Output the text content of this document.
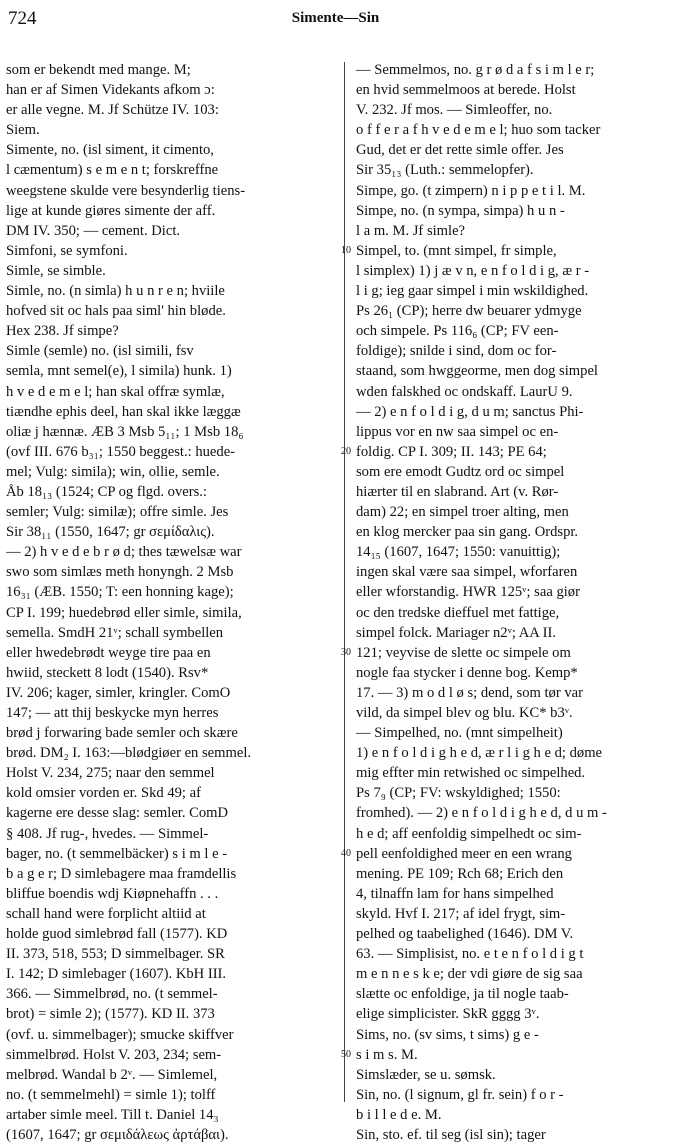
724	Simente—Sin
som er bekendt med mange. M;
han er af Simen Videkants afkom ɔ:
er alle vegne. M. Jf Schütze IV. 103:
Siem.
Simente, no. (isl siment, it cimento,
l cæmentum) s e m e n t; forskreffne
weegstene skulde vere besynderlig tiens-
lige at kunde giøres simente der aff.
DM IV. 350; — cement. Dict.
Simfoni, se symfoni.
Simle, se simble.
Simle, no. (n simla) h u n r e n; hviile
hofved sit oc hals paa siml' hin bløde.
Hex 238. Jf simpe?
Simle (semle) no. (isl simili, fsv
semla, mnt semel(e), l simila) hunk. 1)
h v e d e m e l; han skal offræ symlæ,
tiændhe ephis deel, han skal ikke læggæ
oliæ j hænnæ. ÆB 3 Msb 5₁₁; 1 Msb 18₆
(ovf III. 676 b₃₁; 1550 beggest.: huede-
mel; Vulg: simila); win, ollie, semle.
Åb 18₁₃ (1524; CP og flgd. overs.:
semler; Vulg: similæ); offre simle. Jes
Sir 38₁₁ (1550, 1647; gr σεμίδαλις).
— 2) h v e d e b r ø d; thes tæwelsæ war
swo som simlæs meth honyngh. 2 Msb
16₃₁ (ÆB. 1550; T: een honning kage);
CP I. 199; huedebrød eller simle, simila,
semella. SmdH 21ᵛ; schall symbellen
eller hwedebrødt weyge tire paa en
hwiid, steckett 8 lodt (1540). Rsv*
IV. 206; kager, simler, kringler. ComO
147; — att thij beskycke myn herres
brød j forwaring bade semler och skære
brød. DM₂ I. 163:—blødgiøer en semmel.
Holst V. 234, 275; naar den semmel
kold omsier vorden er. Skd 49; af
kagerne ere desse slag: semler. ComD
§ 408. Jf rug-, hvedes. — Simmel-
bager, no. (t semmelbäcker) s i m l e -
b a g e r; D simlebagere maa framdellis
bliffue boendis wdj Kiøpnehaffn . . .
schall hand were forplicht altiid at
holde guod simlebrød fall (1577). KD
II. 373, 518, 553; D simmelbager. SR
I. 142; D simlebager (1607). KbH III.
366. — Simmelbrød, no. (t semmel-
brot) = simle 2); (1577). KD II. 373
(ovf. u. simmelbager); smucke skiffver
simmelbrød. Holst V. 203, 234; sem-
melbrød. Wandal b 2ᵛ. — Simlemel,
no. (t semmelmehl) = simle 1); tolff
artaber simle meel. Till t. Daniel 14₃
(1607, 1647; gr σεμιδάλεως ἀρτάβαι).
— Semmelmos, no. g r ø d a f s i m l e r;
en hvid semmelmoos at berede. Holst
V. 232. Jf mos. — Simleoffer, no.
o f f e r a f h v e d e m e l; huo som tacker
Gud, det er det rette simle offer. Jes
Sir 35₁₃ (Luth.: semmelopfer).
Simpe, go. (t zimpern) n i p p e t i l. M.
Simpe, no. (n sympa, simpa) h u n -
l a m. M. Jf simle?
Simpel, to. (mnt simpel, fr simple,
l simplex) 1) j æ v n, e n f o l d i g, æ r -
l i g; ieg gaar simpel i min wskildighed.
Ps 26₁ (CP); herre dw beuarer ydmyge
och simpele. Ps 116₆ (CP; FV een-
foldige); snilde i sind, dom oc for-
staand, som hwggeorme, men dog simpel
wden falskhed oc ondskaff. LaurU 9.
— 2) e n f o l d i g, d u m; sanctus Phi-
lippus vor en nw saa simpel oc en-
foldig. CP I. 309; II. 143; PE 64;
som ere emodt Gudtz ord oc simpel
hiærter til en slabrand. Art (v. Rør-
dam) 22; en simpel troer alting, men
en klog mercker paa sin gang. Ordspr.
14₁₅ (1607, 1647; 1550: vanuittig);
ingen skal være saa simpel, wforfaren
eller wforstandig. HWR 125ᵛ; saa giør
oc den tredske dieffuel met fattige,
simpel folck. Mariager n2ᵛ; AA II.
121; veyvise de slette oc simpele om
nogle faa stycker i denne bog. Kemp*
17. — 3) m o d l ø s; dend, som tør var
vild, da simpel blev og blu. KC* b3ᵛ.
— Simpelhed, no. (mnt simpelheit)
1) e n f o l d i g h e d, æ r l i g h e d; døme
mig effter min retwished oc simpelhed.
Ps 7₉ (CP; FV: wskyldighed; 1550:
fromhed). — 2) e n f o l d i g h e d, d u m -
h e d; aff eenfoldig simpelhedt oc sim-
pell eenfoldighed meer en een wrang
mening. PE 109; Rch 68; Erich den
4, tilnaffn lam for hans simpelhed
skyld. Hvf I. 217; af idel frygt, sim-
pelhed og taabelighed (1646). DM V.
63. — Simplisist, no. e t e n f o l d i g t
m e n n e s k e; der vdi giøre de sig saa
slætte oc enfoldige, ja til nogle taab-
elige simplicister. SkR gggg 3ᵛ.
Sims, no. (sv sims, t sims) g e -
s i m s. M.
Simslæder, se u. sømsk.
Sin, no. (l signum, gl fr. sein) f o r -
b i l l e d e. M.
Sin, sto. ef. til seg (isl sin); tager
10
20
30
40
50
